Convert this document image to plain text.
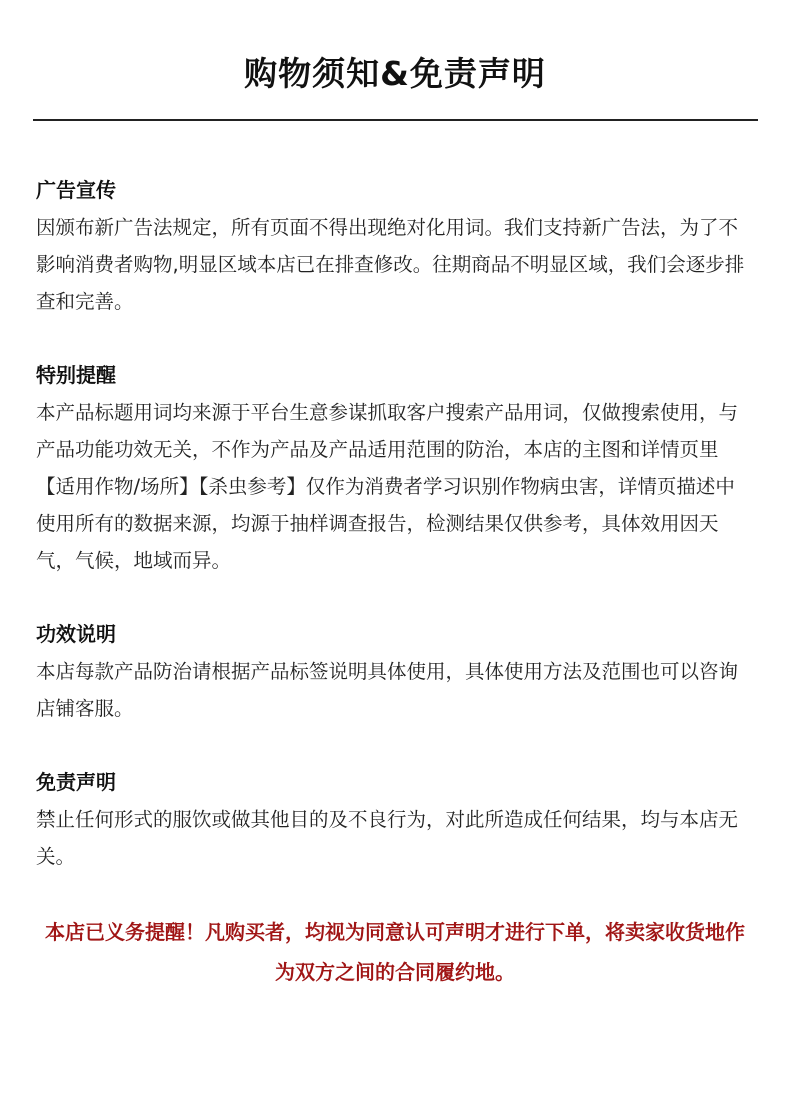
购物须知&免责声明
广告宣传

因颁布新广告法规定，所有页面不得出现绝对化用词。我们支持新广告法，为了不影响消费者购物,明显区域本店已在排查修改。往期商品不明显区域，我们会逐步排查和完善。

特别提醒

本产品标题用词均来源于平台生意参谋抓取客户搜索产品用词，仅做搜索使用，与产品功能功效无关，不作为产品及产品适用范围的防治，本店的主图和详情页里【适用作物/场所】【杀虫参考】仅作为消费者学习识别作物病虫害，详情页描述中使用所有的数据来源，均源于抽样调查报告，检测结果仅供参考，具体效用因天气，气候，地域而异。

功效说明

本店每款产品防治请根据产品标签说明具体使用，具体使用方法及范围也可以咨询店铺客服。

免责声明

禁止任何形式的服饮或做其他目的及不良行为，对此所造成任何结果，均与本店无关。

本店已义务提醒！凡购买者，均视为同意认可声明才进行下单，将卖家收货地作为双方之间的合同履约地。
